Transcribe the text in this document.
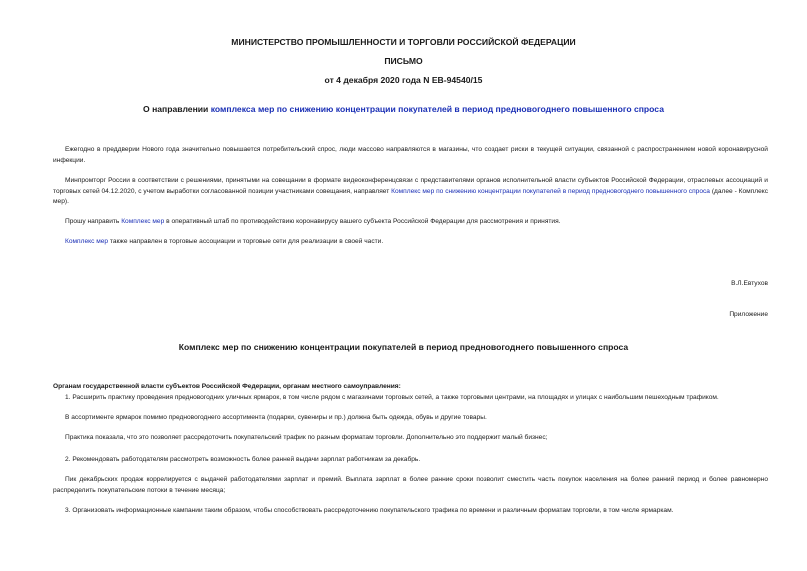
МИНИСТЕРСТВО ПРОМЫШЛЕННОСТИ И ТОРГОВЛИ РОССИЙСКОЙ ФЕДЕРАЦИИ
ПИСЬМО
от 4 декабря 2020 года N ЕВ-94540/15
О направлении комплекса мер по снижению концентрации покупателей в период предновогоднего повышенного спроса
Ежегодно в преддверии Нового года значительно повышается потребительский спрос, люди массово направляются в магазины, что создает риски в текущей ситуации, связанной с распространением новой коронавирусной инфекции.
Минпромторг России в соответствии с решениями, принятыми на совещании в формате видеоконференцсвязи с представителями органов исполнительной власти субъектов Российской Федерации, отраслевых ассоциаций и торговых сетей 04.12.2020, с учетом выработки согласованной позиции участниками совещания, направляет Комплекс мер по снижению концентрации покупателей в период предновогоднего повышенного спроса (далее - Комплекс мер).
Прошу направить Комплекс мер в оперативный штаб по противодействию коронавирусу вашего субъекта Российской Федерации для рассмотрения и принятия.
Комплекс мер также направлен в торговые ассоциации и торговые сети для реализации в своей части.
В.Л.Евтухов
Приложение
Комплекс мер по снижению концентрации покупателей в период предновогоднего повышенного спроса
Органам государственной власти субъектов Российской Федерации, органам местного самоуправления:
1. Расширить практику проведения предновогодних уличных ярмарок, в том числе рядом с магазинами торговых сетей, а также торговыми центрами, на площадях и улицах с наибольшим пешеходным трафиком.
В ассортименте ярмарок помимо предновогоднего ассортимента (подарки, сувениры и пр.) должна быть одежда, обувь и другие товары.
Практика показала, что это позволяет рассредоточить покупательский трафик по разным форматам торговли. Дополнительно это поддержит малый бизнес;
2. Рекомендовать работодателям рассмотреть возможность более ранней выдачи зарплат работникам за декабрь.
Пик декабрьских продаж коррелируется с выдачей работодателями зарплат и премий. Выплата зарплат в более ранние сроки позволит сместить часть покупок населения на более ранний период и более равномерно распределить покупательские потоки в течение месяца;
3. Организовать информационные кампании таким образом, чтобы способствовать рассредоточению покупательского трафика по времени и различным форматам торговли, в том числе ярмаркам.
